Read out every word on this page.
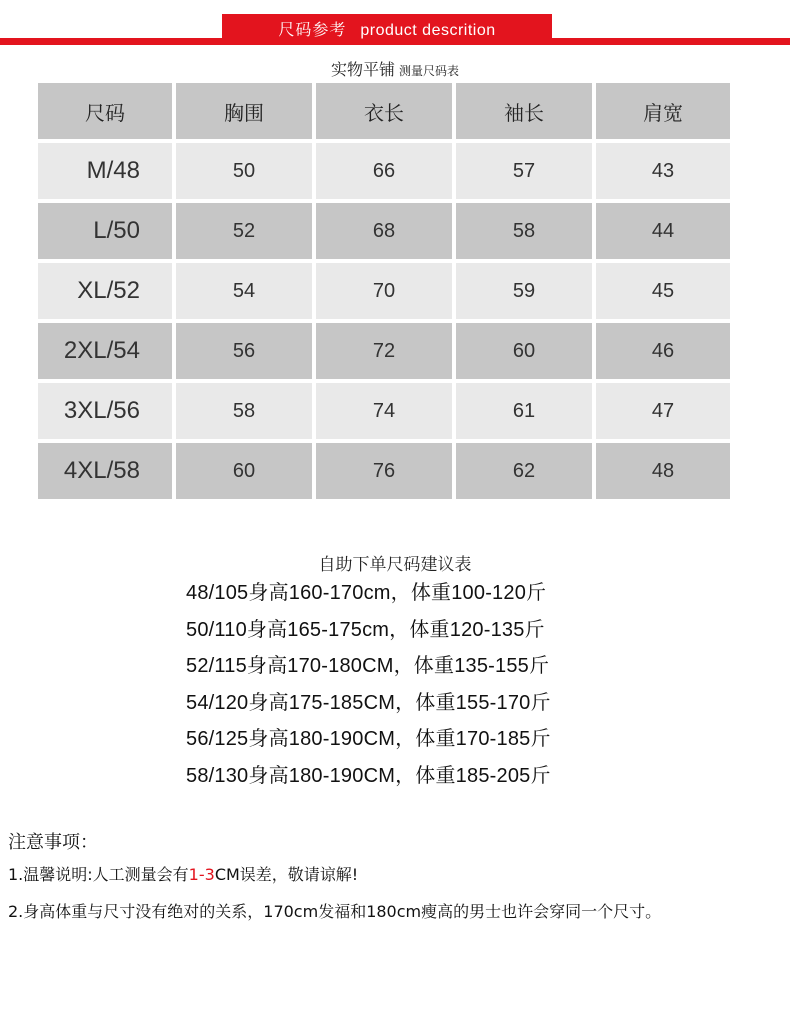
尺码参考 product descrition
实物平铺 测量尺码表
尺码	胸围	衣长	袖长	肩宽
M/48	50	66	57	43
L/50	52	68	58	44
XL/52	54	70	59	45
2XL/54	56	72	60	46
3XL/56	58	74	61	47
4XL/58	60	76	62	48
自助下单尺码建议表
48/105身高160-170cm，体重100-120斤
50/110身高165-175cm，体重120-135斤
52/115身高170-180CM，体重135-155斤
54/120身高175-185CM，体重155-170斤
56/125身高180-190CM，体重170-185斤
58/130身高180-190CM，体重185-205斤
注意事项：
1.温馨说明:人工测量会有1-3CM误差，敬请谅解!
2.身高体重与尺寸没有绝对的关系，170cm发福和180cm瘦高的男士也许会穿同一个尺寸。
